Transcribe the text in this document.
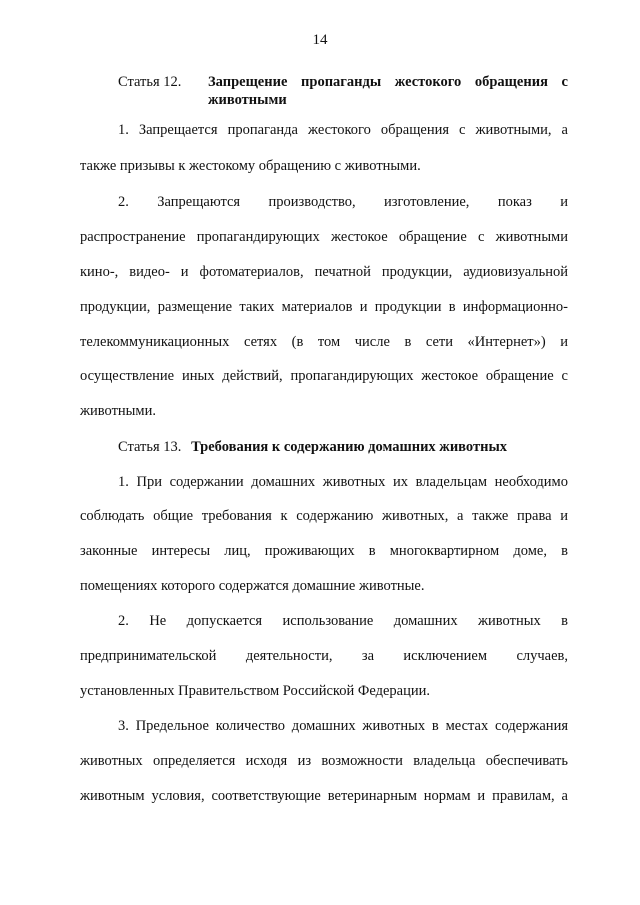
14
Статья 12. Запрещение пропаганды жестокого обращения с
животными
1. Запрещается пропаганда жестокого обращения с животными, а
также призывы к жестокому обращению с животными.
2. Запрещаются производство, изготовление, показ и
распространение пропагандирующих жестокое обращение с животными
кино-, видео- и фотоматериалов, печатной продукции, аудиовизуальной
продукции, размещение таких материалов и продукции в информационно-
телекоммуникационных сетях (в том числе в сети «Интернет») и
осуществление иных действий, пропагандирующих жестокое обращение с
животными.
Статья 13. Требования к содержанию домашних животных
1. При содержании домашних животных их владельцам необходимо
соблюдать общие требования к содержанию животных, а также права и
законные интересы лиц, проживающих в многоквартирном доме, в
помещениях которого содержатся домашние животные.
2. Не допускается использование домашних животных в
предпринимательской деятельности, за исключением случаев,
установленных Правительством Российской Федерации.
3. Предельное количество домашних животных в местах содержания
животных определяется исходя из возможности владельца обеспечивать
животным условия, соответствующие ветеринарным нормам и правилам, а
